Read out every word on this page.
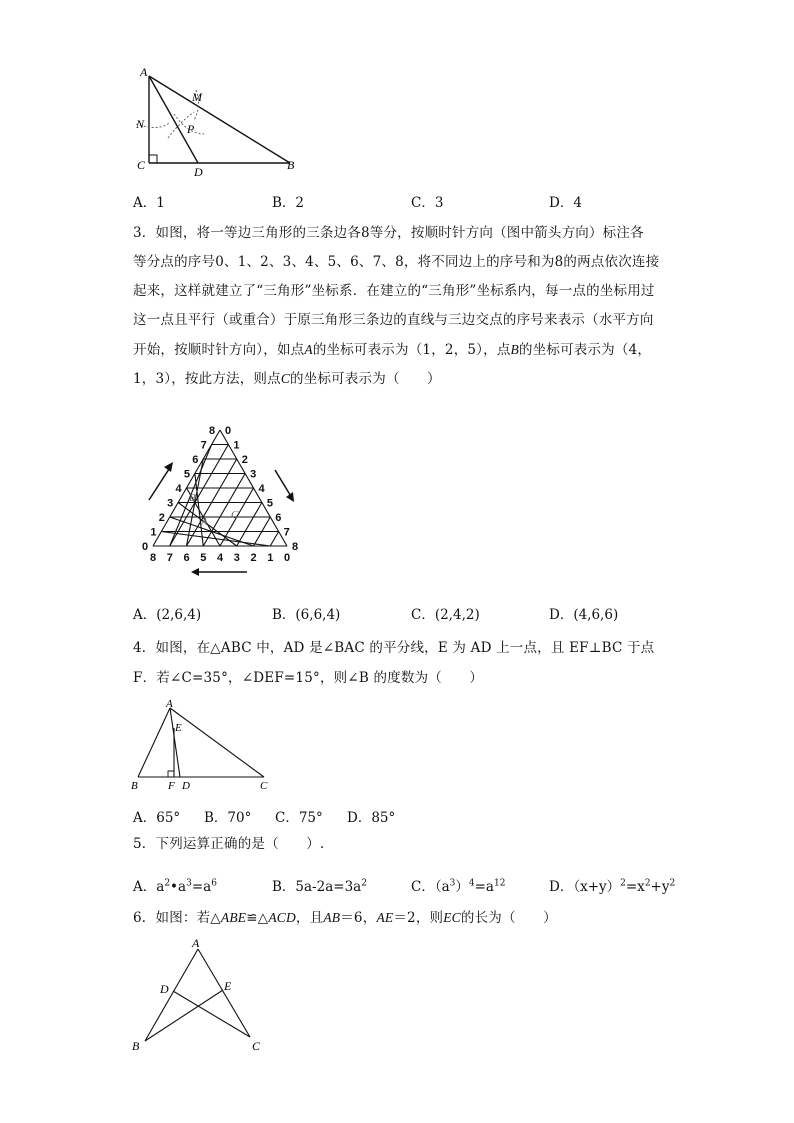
A
M
N	P
C	D	B
A．1	B．2	C．3	D．4
3．如图，将一等边三角形的三条边各8等分，按顺时针方向（图中箭头方向）标注各
等分点的序号0、1、2、3、4、5、6、7、8，将不同边上的序号和为8的两点依次连接
起来，这样就建立了“三角形”坐标系．在建立的“三角形”坐标系内，每一点的坐标用过
这一点且平行（或重合）于原三角形三条边的直线与三边交点的序号来表示（水平方向
开始，按顺时针方向），如点A的坐标可表示为（1，2，5），点B的坐标可表示为（4，
1，3），按此方法，则点C的坐标可表示为（　　）
0
1
2
3
4
5
6
7
8 0
1
2
3
4
5
6
7
8
8 7 6 5 4 3 2 1 0
B
C
A
A．(2,6,4)	B．(6,6,4)	C．(2,4,2)	D．(4,6,6)
4．如图，在△ABC 中，AD 是∠BAC 的平分线，E 为 AD 上一点，且 EF⊥BC 于点
F．若∠C=35°，∠DEF=15°，则∠B 的度数为（　　）
A
E
B	F D	C
A．65° B．70° C．75° D．85°
5．下列运算正确的是（　　）.
A．$a^2•a^3=a^6$	B．$5a-2a=3a^2$	C．$(a^3)^4=a^{12}$	D．$(x+y)^2=x^2+y^2$
6．如图：若△ABE≌△ACD，且AB＝6，AE＝2，则EC的长为（　　）
A
D	E
B	C
